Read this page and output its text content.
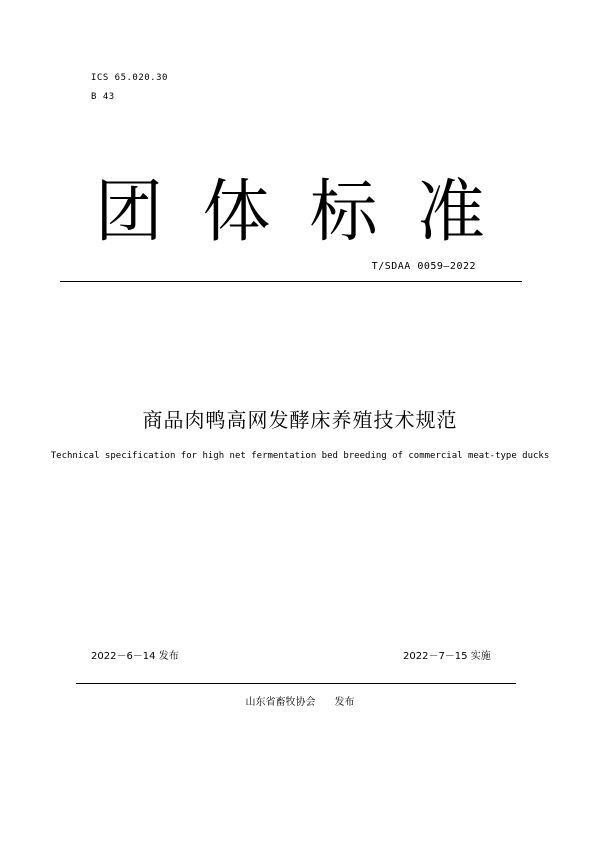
ICS 65.020.30
B 43
团 体 标 准
T/SDAA 0059—2022
商品肉鸭高网发酵床养殖技术规范
Technical specification for high net fermentation bed breeding of commercial meat-type ducks
2022－6－14 发布	2022－7－15 实施
山东省畜牧协会 发布
